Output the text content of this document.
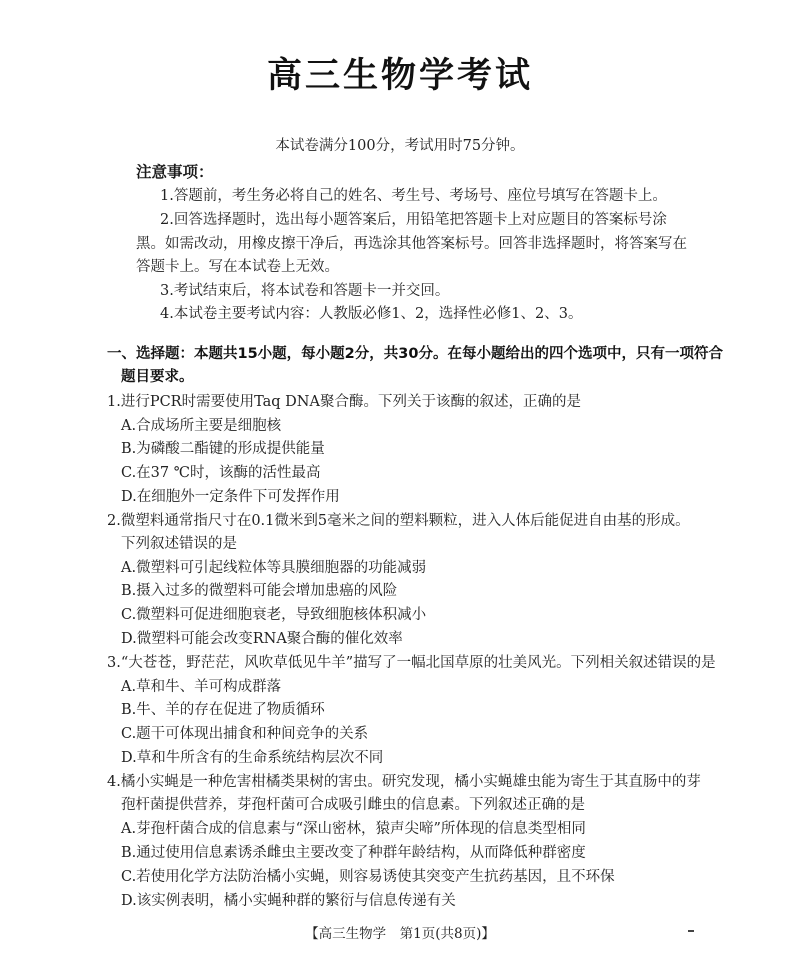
高三生物学考试
本试卷满分100分，考试用时75分钟。
注意事项：
1.答题前，考生务必将自己的姓名、考生号、考场号、座位号填写在答题卡上。
2.回答选择题时，选出每小题答案后，用铅笔把答题卡上对应题目的答案标号涂
黑。如需改动，用橡皮擦干净后，再选涂其他答案标号。回答非选择题时，将答案写在
答题卡上。写在本试卷上无效。
3.考试结束后，将本试卷和答题卡一并交回。
4.本试卷主要考试内容：人教版必修1、2，选择性必修1、2、3。
一、选择题：本题共15小题，每小题2分，共30分。在每小题给出的四个选项中，只有一项符合
题目要求。
1.进行PCR时需要使用Taq DNA聚合酶。下列关于该酶的叙述，正确的是
A.合成场所主要是细胞核
B.为磷酸二酯键的形成提供能量
C.在37 ℃时，该酶的活性最高
D.在细胞外一定条件下可发挥作用
2.微塑料通常指尺寸在0.1微米到5毫米之间的塑料颗粒，进入人体后能促进自由基的形成。
下列叙述错误的是
A.微塑料可引起线粒体等具膜细胞器的功能减弱
B.摄入过多的微塑料可能会增加患癌的风险
C.微塑料可促进细胞衰老，导致细胞核体积减小
D.微塑料可能会改变RNA聚合酶的催化效率
3.“大苍苍，野茫茫，风吹草低见牛羊”描写了一幅北国草原的壮美风光。下列相关叙述错误的是
A.草和牛、羊可构成群落
B.牛、羊的存在促进了物质循环
C.题干可体现出捕食和种间竞争的关系
D.草和牛所含有的生命系统结构层次不同
4.橘小实蝇是一种危害柑橘类果树的害虫。研究发现，橘小实蝇雄虫能为寄生于其直肠中的芽
孢杆菌提供营养，芽孢杆菌可合成吸引雌虫的信息素。下列叙述正确的是
A.芽孢杆菌合成的信息素与“深山密林，猿声尖啼”所体现的信息类型相同
B.通过使用信息素诱杀雌虫主要改变了种群年龄结构，从而降低种群密度
C.若使用化学方法防治橘小实蝇，则容易诱使其突变产生抗药基因，且不环保
D.该实例表明，橘小实蝇种群的繁衍与信息传递有关
【高三生物学　第1页(共8页)】
